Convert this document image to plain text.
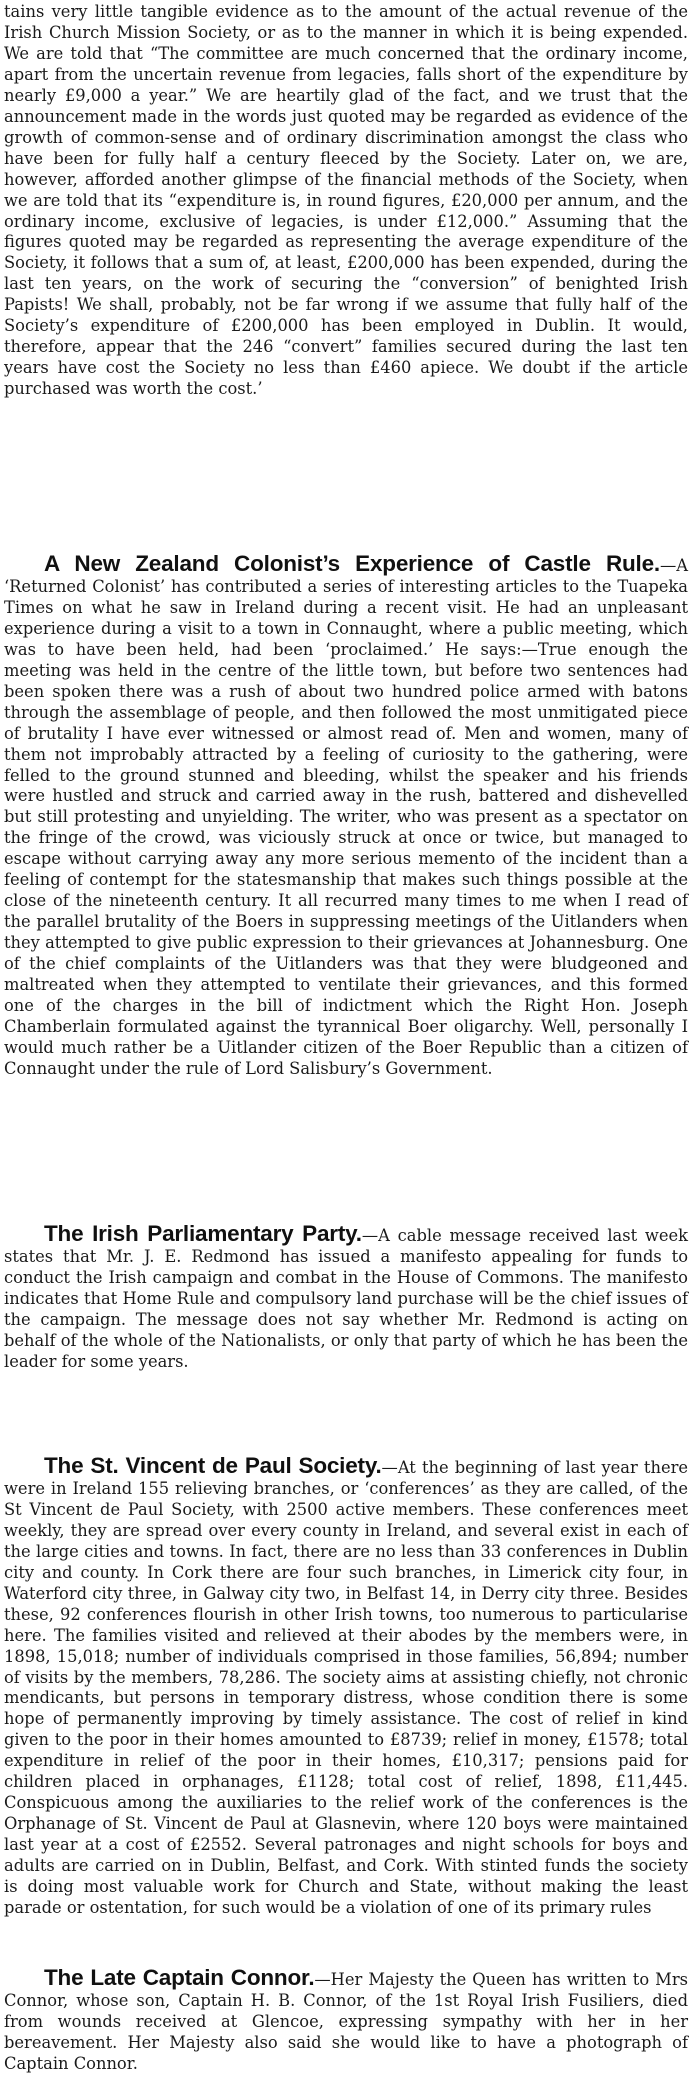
tains very little tangible evidence as to the amount of the actual revenue of the Irish Church Mission Society, or as to the manner in which it is being expended. We are told that “The committee are much concerned that the ordinary income, apart from the uncertain revenue from legacies, falls short of the expenditure by nearly £9,000 a year.” We are heartily glad of the fact, and we trust that the announcement made in the words just quoted may be regarded as evidence of the growth of common-sense and of ordinary discrimination amongst the class who have been for fully half a century fleeced by the Society. Later on, we are, however, afforded another glimpse of the financial methods of the Society, when we are told that its “expenditure is, in round figures, £20,000 per annum, and the ordinary income, exclusive of legacies, is under £12,000.” Assuming that the figures quoted may be regarded as representing the average expenditure of the Society, it follows that a sum of, at least, £200,000 has been expended, during the last ten years, on the work of securing the “conversion” of benighted Irish Papists! We shall, probably, not be far wrong if we assume that fully half of the Society’s expenditure of £200,000 has been employed in Dublin. It would, therefore, appear that the 246 “convert” families secured during the last ten years have cost the Society no less than £460 apiece. We doubt if the article purchased was worth the cost.’

A New Zealand Colonist’s Experience of Castle Rule.—A ‘Returned Colonist’ has contributed a series of interesting articles to the Tuapeka Times on what he saw in Ireland during a recent visit. He had an unpleasant experience during a visit to a town in Connaught, where a public meeting, which was to have been held, had been ‘proclaimed.’ He says:—True enough the meeting was held in the centre of the little town, but before two sentences had been spoken there was a rush of about two hundred police armed with batons through the assemblage of people, and then followed the most unmitigated piece of brutality I have ever witnessed or almost read of. Men and women, many of them not improbably attracted by a feeling of curiosity to the gathering, were felled to the ground stunned and bleeding, whilst the speaker and his friends were hustled and struck and carried away in the rush, battered and dishevelled but still protesting and unyielding. The writer, who was present as a spectator on the fringe of the crowd, was viciously struck at once or twice, but managed to escape without carrying away any more serious memento of the incident than a feeling of contempt for the statesmanship that makes such things possible at the close of the nineteenth century. It all recurred many times to me when I read of the parallel brutality of the Boers in suppressing meetings of the Uitlanders when they attempted to give public expression to their grievances at Johannesburg. One of the chief complaints of the Uitlanders was that they were bludgeoned and maltreated when they attempted to ventilate their grievances, and this formed one of the charges in the bill of indictment which the Right Hon. Joseph Chamberlain formulated against the tyrannical Boer oligarchy. Well, personally I would much rather be a Uitlander citizen of the Boer Republic than a citizen of Connaught under the rule of Lord Salisbury’s Government.

The Irish Parliamentary Party.—A cable message received last week states that Mr. J. E. Redmond has issued a manifesto appealing for funds to conduct the Irish campaign and combat in the House of Commons. The manifesto indicates that Home Rule and compulsory land purchase will be the chief issues of the campaign. The message does not say whether Mr. Redmond is acting on behalf of the whole of the Nationalists, or only that party of which he has been the leader for some years.

The St. Vincent de Paul Society.—At the beginning of last year there were in Ireland 155 relieving branches, or ‘conferences’ as they are called, of the St Vincent de Paul Society, with 2500 active members. These conferences meet weekly, they are spread over every county in Ireland, and several exist in each of the large cities and towns. In fact, there are no less than 33 conferences in Dublin city and county. In Cork there are four such branches, in Limerick city four, in Waterford city three, in Galway city two, in Belfast 14, in Derry city three. Besides these, 92 conferences flourish in other Irish towns, too numerous to particularise here. The families visited and relieved at their abodes by the members were, in 1898, 15,018; number of individuals comprised in those families, 56,894; number of visits by the members, 78,286. The society aims at assisting chiefly, not chronic mendicants, but persons in temporary distress, whose condition there is some hope of permanently improving by timely assistance. The cost of relief in kind given to the poor in their homes amounted to £8739; relief in money, £1578; total expenditure in relief of the poor in their homes, £10,317; pensions paid for children placed in orphanages, £1128; total cost of relief, 1898, £11,445. Conspicuous among the auxiliaries to the relief work of the conferences is the Orphanage of St. Vincent de Paul at Glasnevin, where 120 boys were maintained last year at a cost of £2552. Several patronages and night schools for boys and adults are carried on in Dublin, Belfast, and Cork. With stinted funds the society is doing most valuable work for Church and State, without making the least parade or ostentation, for such would be a violation of one of its primary rules

The Late Captain Connor.—Her Majesty the Queen has written to Mrs Connor, whose son, Captain H. B. Connor, of the 1st Royal Irish Fusiliers, died from wounds received at Glencoe, expressing sympathy with her in her bereavement. Her Majesty also said she would like to have a photograph of Captain Connor.
